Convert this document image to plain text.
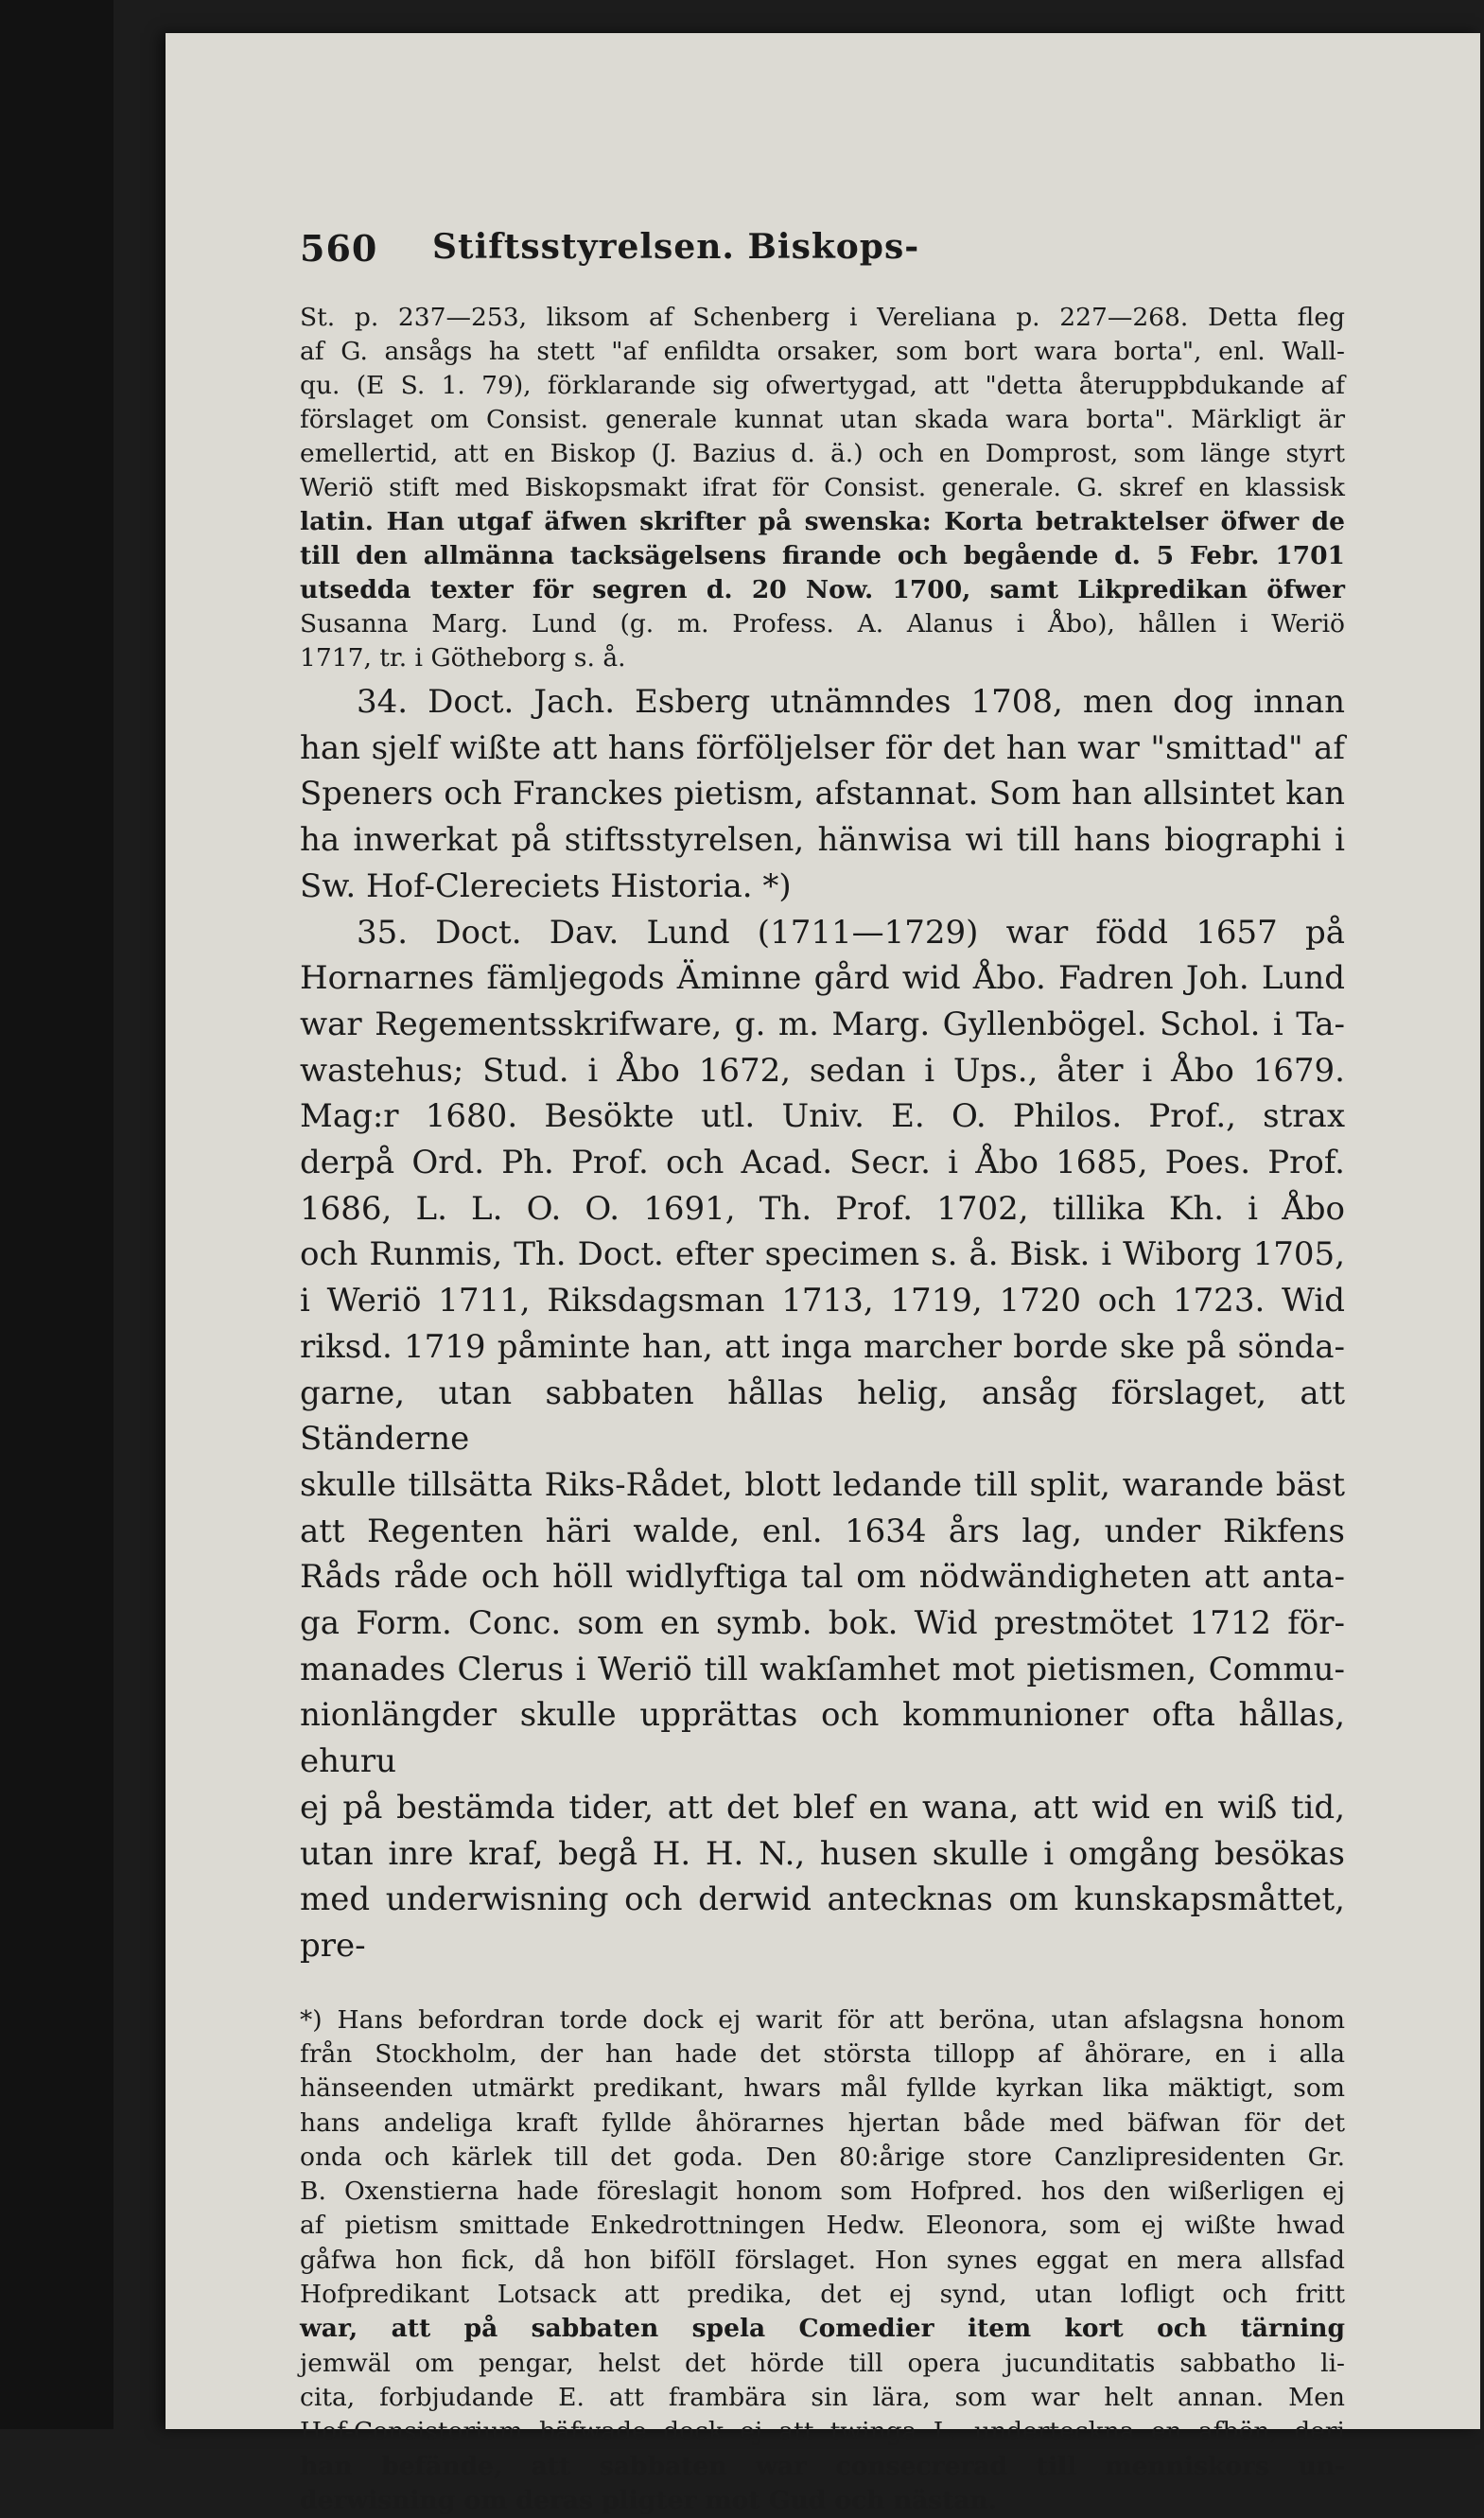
560 Stiftsstyrelsen. Biskops-

St. p. 237—253, liksom af Schenberg i Vereliana p. 227—268. Detta fleg

af G. ansågs ha stett "af enfildta orsaker, som bort wara borta", enl. Wall-

qu. (E S. 1. 79), förklarande sig ofwertygad, att "detta återuppbdukande af

förslaget om Consist. generale kunnat utan skada wara borta". Märkligt är

emellertid, att en Biskop (J. Bazius d. ä.) och en Domprost, som länge styrt

Weriö stift med Biskopsmakt ifrat för Consist. generale. G. skref en klassisk

latin. Han utgaf äfwen skrifter på swenska: Korta betraktelser öfwer de

till den allmänna tacksägelsens firande och begående d. 5 Febr. 1701

utsedda texter för segren d. 20 Now. 1700, samt Likpredikan öfwer

Susanna Marg. Lund (g. m. Profess. A. Alanus i Åbo), hållen i Weriö

1717, tr. i Götheborg s. å.

34. Doct. Jach. Esberg utnämndes 1708, men dog innan

han sjelf wißte att hans förföljelser för det han war "smittad" af

Speners och Franckes pietism, afstannat. Som han allsintet kan

ha inwerkat på stiftsstyrelsen, hänwisa wi till hans biographi i

Sw. Hof-Clereciets Historia. *)

35. Doct. Dav. Lund (1711—1729) war född 1657 på

Hornarnes fämljegods Äminne gård wid Åbo. Fadren Joh. Lund

war Regementsskrifware, g. m. Marg. Gyllenbögel. Schol. i Ta-

wastehus; Stud. i Åbo 1672, sedan i Ups., åter i Åbo 1679.

Mag:r 1680. Besökte utl. Univ. E. O. Philos. Prof., strax

derpå Ord. Ph. Prof. och Acad. Secr. i Åbo 1685, Poes. Prof.

1686, L. L. O. O. 1691, Th. Prof. 1702, tillika Kh. i Åbo

och Runmis, Th. Doct. efter specimen s. å. Bisk. i Wiborg 1705,

i Weriö 1711, Riksdagsman 1713, 1719, 1720 och 1723. Wid

riksd. 1719 påminte han, att inga marcher borde ske på sönda-

garne, utan sabbaten hållas helig, ansåg förslaget, att Ständerne

skulle tillsätta Riks-Rådet, blott ledande till split, warande bäst

att Regenten häri walde, enl. 1634 års lag, under Rikfens

Råds råde och höll widlyftiga tal om nödwändigheten att anta-

ga Form. Conc. som en symb. bok. Wid prestmötet 1712 för-

manades Clerus i Weriö till wakſamhet mot pietismen, Commu-

nionlängder skulle upprättas och kommunioner ofta hållas, ehuru

ej på bestämda tider, att det blef en wana, att wid en wiß tid,

utan inre kraf, begå H. H. N., husen skulle i omgång besökas

med underwisning och derwid antecknas om kunskapsmåttet, pre-

*) Hans befordran torde dock ej warit för att beröna, utan afslagsna honom

från Stockholm, der han hade det största tillopp af åhörare, en i alla

hänseenden utmärkt predikant, hwars mål fyllde kyrkan lika mäktigt, som

hans andeliga kraft fyllde åhörarnes hjertan både med bäfwan för det

onda och kärlek till det goda. Den 80:årige store Canzlipresidenten Gr.

B. Oxenstierna hade föreslagit honom som Hofpred. hos den wißerligen ej

af pietism smittade Enkedrottningen Hedw. Eleonora, som ej wißte hwad

gåfwa hon fick, då hon bifölI förslaget. Hon synes eggat en mera allsfad

Hofpredikant Lotsack att predika, det ej synd, utan lofligt och fritt

war, att på sabbaten spela Comedier item kort och tärning

jemwäl om pengar, helst det hörde till opera jucunditatis sabbatho li-

cita, forbjudande E. att frambära sin lära, som war helt annan. Men

Hof-Consistorium bäfwade dock ej att twinga L. underteckna en afbön, deri

han befände, att sabbaten war consecrerad till menniskors un-

derwisning om deras pligter mot Gud och nästan.
